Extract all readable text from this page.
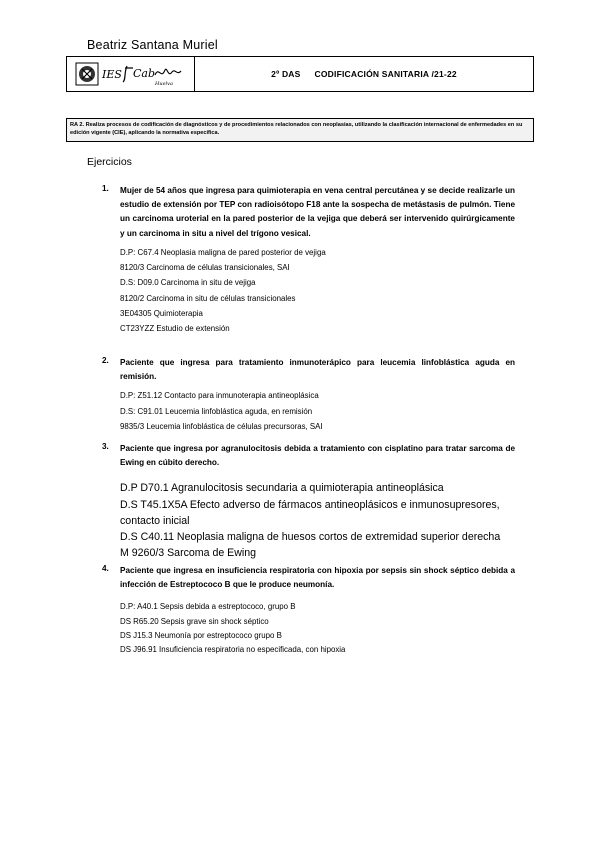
Beatriz Santana Muriel
IES Cab
Huelva
2º DAS CODIFICACIÓN SANITARIA /21-22
RA 2. Realiza procesos de codificación de diagnósticos y de procedimientos relacionados con neoplasias, utilizando la clasificación internacional de enfermedades en su edición vigente (CIE), aplicando la normativa específica.
Ejercicios
1. Mujer de 54 años que ingresa para quimioterapia en vena central percutánea y se decide realizarle un estudio de extensión por TEP con radioisótopo F18 ante la sospecha de metástasis de pulmón. Tiene un carcinoma uroterial en la pared posterior de la vejiga que deberá ser intervenido quirúrgicamente y un carcinoma in situ a nivel del trígono vesical.
D.P: C67.4 Neoplasia maligna de pared posterior de vejiga
8120/3 Carcinoma de células transicionales, SAI
D.S: D09.0 Carcinoma in situ de vejiga
8120/2 Carcinoma in situ de células transicionales
3E04305 Quimioterapia
CT23YZZ Estudio de extensión
2. Paciente que ingresa para tratamiento inmunoterápico para leucemia linfoblástica aguda en remisión.
D.P: Z51.12 Contacto para inmunoterapia antineoplásica
D.S: C91.01 Leucemia linfoblástica aguda, en remisión
9835/3 Leucemia linfoblástica de células precursoras, SAI
3. Paciente que ingresa por agranulocitosis debida a tratamiento con cisplatino para tratar sarcoma de Ewing en cúbito derecho.
D.P D70.1 Agranulocitosis secundaria a quimioterapia antineoplásica
D.S T45.1X5A Efecto adverso de fármacos antineoplásicos e inmunosupresores, contacto inicial
D.S C40.11 Neoplasia maligna de huesos cortos de extremidad superior derecha
M 9260/3 Sarcoma de Ewing
4. Paciente que ingresa en insuficiencia respiratoria con hipoxia por sepsis sin shock séptico debida a infección de Estreptococo B que le produce neumonía.
D.P: A40.1 Sepsis debida a estreptococo, grupo B
DS R65.20 Sepsis grave sin shock séptico
DS J15.3 Neumonía por estreptococo grupo B
DS J96.91 Insuficiencia respiratoria no especificada, con hipoxia
